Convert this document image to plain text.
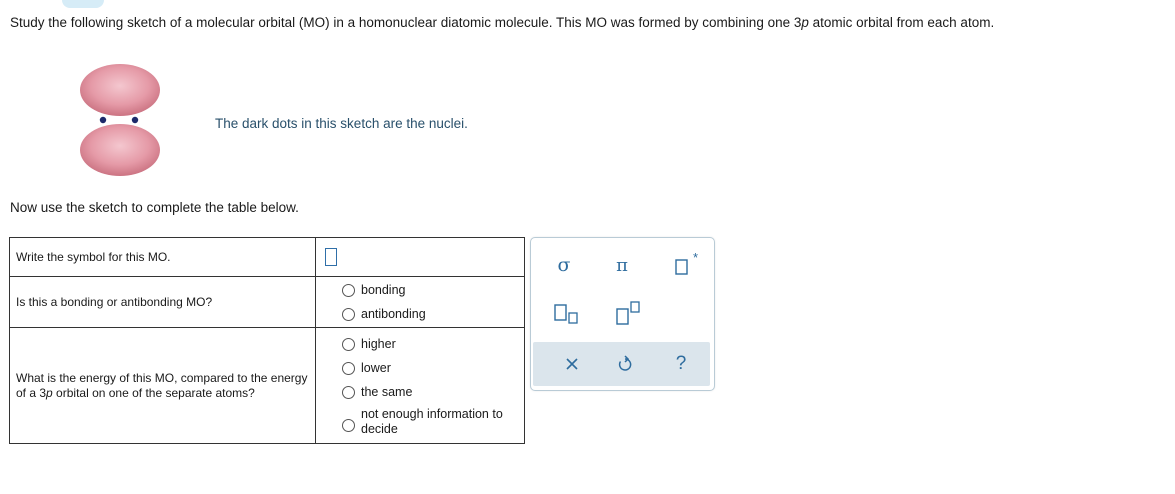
Study the following sketch of a molecular orbital (MO) in a homonuclear diatomic molecule. This MO was formed by combining one 3p atomic orbital from each atom.
The dark dots in this sketch are the nuclei.
Now use the sketch to complete the table below.
Write the symbol for this MO.	
Is this a bonding or antibonding MO?	bonding
antibonding

What is the energy of this MO, compared to the energy of a 3p orbital on one of the separate atoms?	higher
lower
the same
not enough information to decide
σ	π	*
?
